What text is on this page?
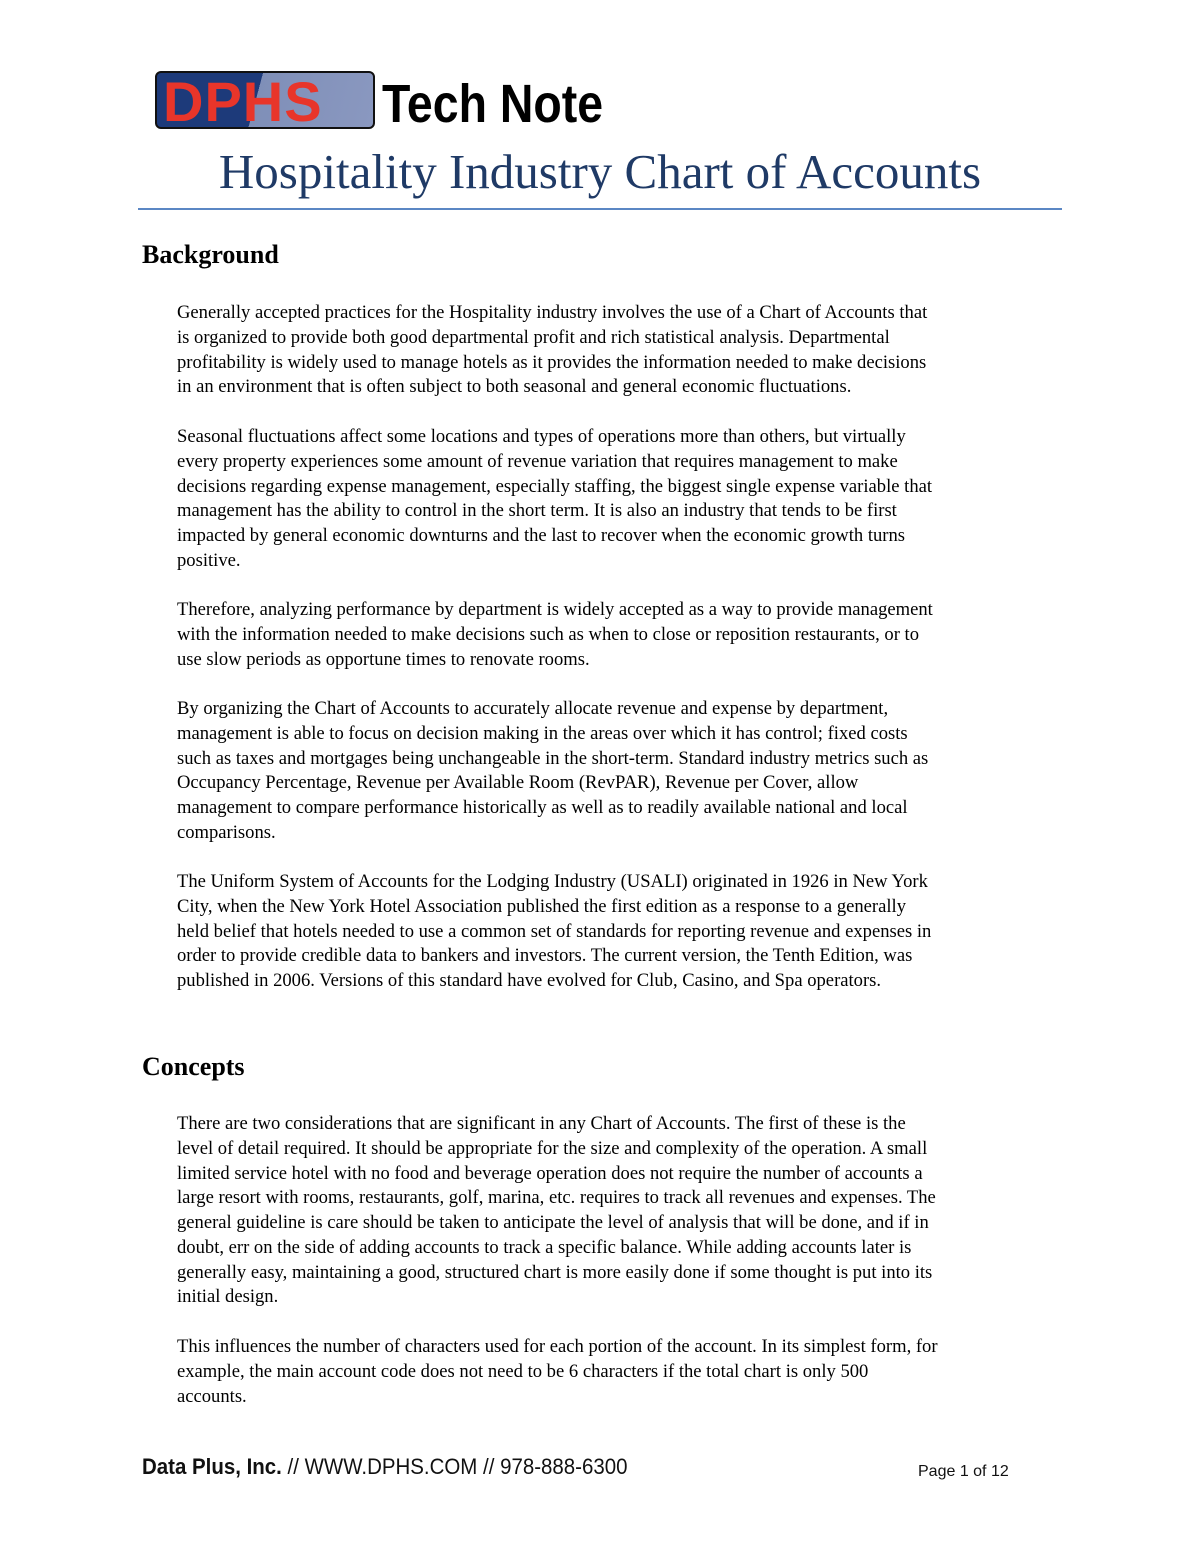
DPHS Tech Note
Hospitality Industry Chart of Accounts
Background
Generally accepted practices for the Hospitality industry involves the use of a Chart of Accounts that
is organized to provide both good departmental profit and rich statistical analysis. Departmental
profitability is widely used to manage hotels as it provides the information needed to make decisions
in an environment that is often subject to both seasonal and general economic fluctuations.
Seasonal fluctuations affect some locations and types of operations more than others, but virtually
every property experiences some amount of revenue variation that requires management to make
decisions regarding expense management, especially staffing, the biggest single expense variable that
management has the ability to control in the short term. It is also an industry that tends to be first
impacted by general economic downturns and the last to recover when the economic growth turns
positive.
Therefore, analyzing performance by department is widely accepted as a way to provide management
with the information needed to make decisions such as when to close or reposition restaurants, or to
use slow periods as opportune times to renovate rooms.
By organizing the Chart of Accounts to accurately allocate revenue and expense by department,
management is able to focus on decision making in the areas over which it has control; fixed costs
such as taxes and mortgages being unchangeable in the short-term. Standard industry metrics such as
Occupancy Percentage, Revenue per Available Room (RevPAR), Revenue per Cover, allow
management to compare performance historically as well as to readily available national and local
comparisons.
The Uniform System of Accounts for the Lodging Industry (USALI) originated in 1926 in New York
City, when the New York Hotel Association published the first edition as a response to a generally
held belief that hotels needed to use a common set of standards for reporting revenue and expenses in
order to provide credible data to bankers and investors. The current version, the Tenth Edition, was
published in 2006. Versions of this standard have evolved for Club, Casino, and Spa operators.
Concepts
There are two considerations that are significant in any Chart of Accounts. The first of these is the
level of detail required. It should be appropriate for the size and complexity of the operation. A small
limited service hotel with no food and beverage operation does not require the number of accounts a
large resort with rooms, restaurants, golf, marina, etc. requires to track all revenues and expenses. The
general guideline is care should be taken to anticipate the level of analysis that will be done, and if in
doubt, err on the side of adding accounts to track a specific balance. While adding accounts later is
generally easy, maintaining a good, structured chart is more easily done if some thought is put into its
initial design.
This influences the number of characters used for each portion of the account. In its simplest form, for
example, the main account code does not need to be 6 characters if the total chart is only 500
accounts.
Data Plus, Inc. // WWW.DPHS.COM // 978-888-6300	Page 1 of 12
